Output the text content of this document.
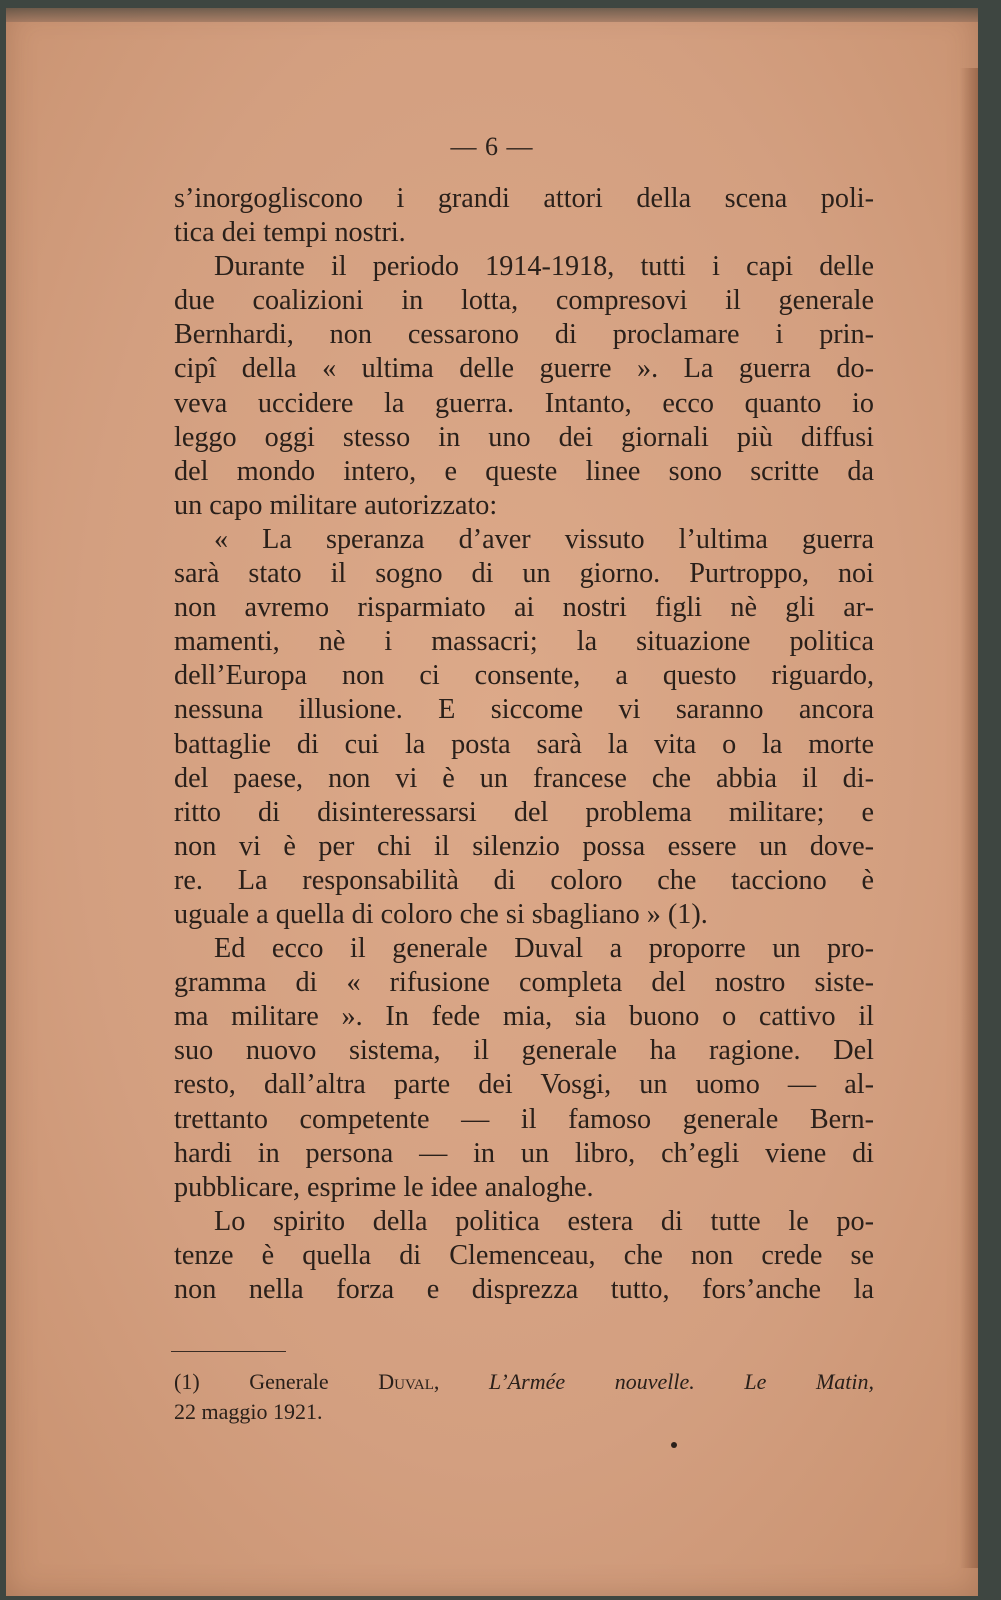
— 6 —
s’inorgogliscono i grandi attori della scena poli-
tica dei tempi nostri.
Durante il periodo 1914-1918, tutti i capi delle
due coalizioni in lotta, compresovi il generale
Bernhardi, non cessarono di proclamare i prin-
cipî della « ultima delle guerre ». La guerra do-
veva uccidere la guerra. Intanto, ecco quanto io
leggo oggi stesso in uno dei giornali più diffusi
del mondo intero, e queste linee sono scritte da
un capo militare autorizzato:
« La speranza d’aver vissuto l’ultima guerra
sarà stato il sogno di un giorno. Purtroppo, noi
non avremo risparmiato ai nostri figli nè gli ar-
mamenti, nè i massacri; la situazione politica
dell’Europa non ci consente, a questo riguardo,
nessuna illusione. E siccome vi saranno ancora
battaglie di cui la posta sarà la vita o la morte
del paese, non vi è un francese che abbia il di-
ritto di disinteressarsi del problema militare; e
non vi è per chi il silenzio possa essere un dove-
re. La responsabilità di coloro che tacciono è
uguale a quella di coloro che si sbagliano » (1).
Ed ecco il generale Duval a proporre un pro-
gramma di « rifusione completa del nostro siste-
ma militare ». In fede mia, sia buono o cattivo il
suo nuovo sistema, il generale ha ragione. Del
resto, dall’altra parte dei Vosgi, un uomo — al-
trettanto competente — il famoso generale Bern-
hardi in persona — in un libro, ch’egli viene di
pubblicare, esprime le idee analoghe.
Lo spirito della politica estera di tutte le po-
tenze è quella di Clemenceau, che non crede se
non nella forza e disprezza tutto, fors’anche la
(1) Generale Duval, L’Armée nouvelle. Le Matin,
22 maggio 1921.
